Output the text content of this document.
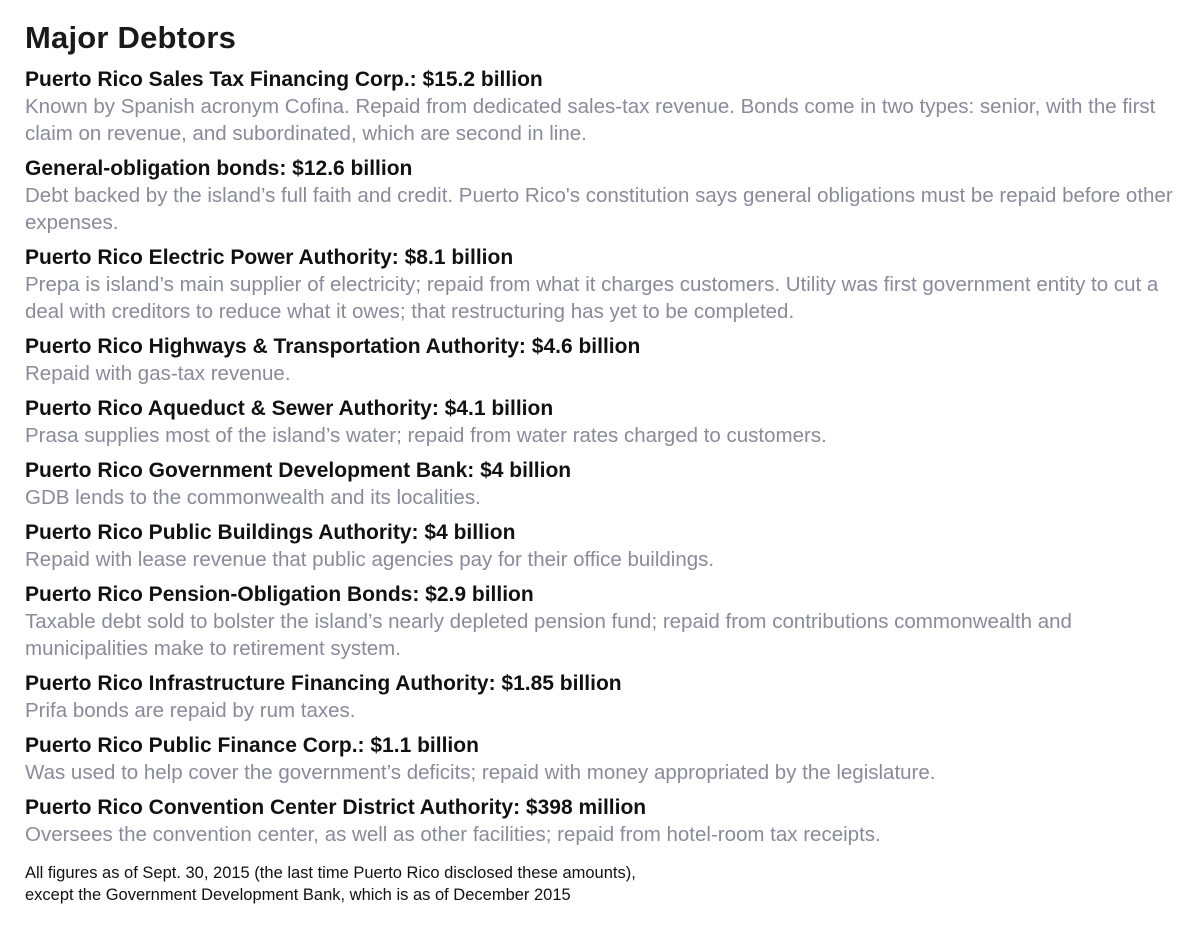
Major Debtors
Puerto Rico Sales Tax Financing Corp.: $15.2 billion
Known by Spanish acronym Cofina. Repaid from dedicated sales-tax revenue. Bonds come in two types: senior, with the first claim on revenue, and subordinated, which are second in line.
General-obligation bonds: $12.6 billion
Debt backed by the island’s full faith and credit. Puerto Rico's constitution says general obligations must be repaid before other expenses.
Puerto Rico Electric Power Authority: $8.1 billion
Prepa is island’s main supplier of electricity; repaid from what it charges customers. Utility was first government entity to cut a deal with creditors to reduce what it owes; that restructuring has yet to be completed.
Puerto Rico Highways & Transportation Authority: $4.6 billion
Repaid with gas-tax revenue.
Puerto Rico Aqueduct & Sewer Authority: $4.1 billion
Prasa supplies most of the island’s water; repaid from water rates charged to customers.
Puerto Rico Government Development Bank: $4 billion
GDB lends to the commonwealth and its localities.
Puerto Rico Public Buildings Authority: $4 billion
Repaid with lease revenue that public agencies pay for their office buildings.
Puerto Rico Pension-Obligation Bonds: $2.9 billion
Taxable debt sold to bolster the island’s nearly depleted pension fund; repaid from contributions commonwealth and municipalities make to retirement system.
Puerto Rico Infrastructure Financing Authority: $1.85 billion
Prifa bonds are repaid by rum taxes.
Puerto Rico Public Finance Corp.: $1.1 billion
Was used to help cover the government’s deficits; repaid with money appropriated by the legislature.
Puerto Rico Convention Center District Authority: $398 million
Oversees the convention center, as well as other facilities; repaid from hotel-room tax receipts.
All figures as of Sept. 30, 2015 (the last time Puerto Rico disclosed these amounts),
except the Government Development Bank, which is as of December 2015
